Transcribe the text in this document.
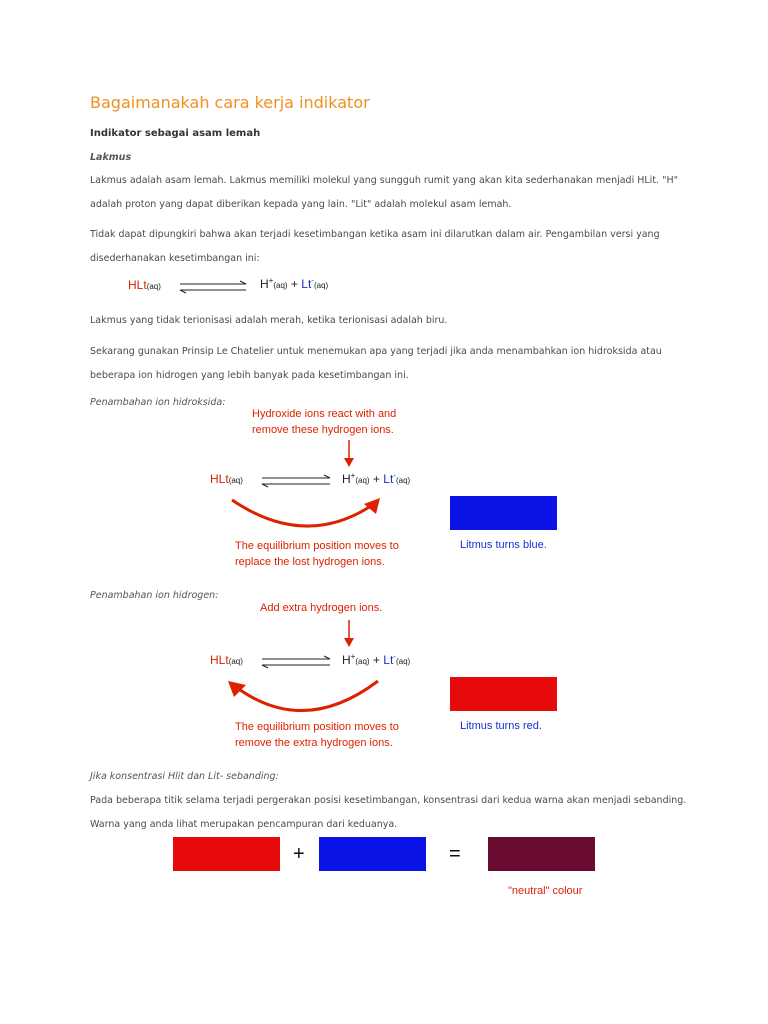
Bagaimanakah cara kerja indikator
Indikator sebagai asam lemah
Lakmus
Lakmus adalah asam lemah. Lakmus memiliki molekul yang sungguh rumit yang akan kita sederhanakan menjadi HLit. "H" adalah proton yang dapat diberikan kepada yang lain. "Lit" adalah molekul asam lemah.
Tidak dapat dipungkiri bahwa akan terjadi kesetimbangan ketika asam ini dilarutkan dalam air. Pengambilan versi yang disederhanakan kesetimbangan ini:
HLt(aq)	H+(aq) + Lt-(aq)
Lakmus yang tidak terionisasi adalah merah, ketika terionisasi adalah biru.
Sekarang gunakan Prinsip Le Chatelier untuk menemukan apa yang terjadi jika anda menambahkan ion hidroksida atau beberapa ion hidrogen yang lebih banyak pada kesetimbangan ini.
Penambahan ion hidroksida:
Hydroxide ions react with and
remove these hydrogen ions.
HLt(aq)	H+(aq) + Lt-(aq)
The equilibrium position moves to
replace the lost hydrogen ions.
Litmus turns blue.
Penambahan ion hidrogen:
Add extra hydrogen ions.
HLt(aq)	H+(aq) + Lt-(aq)
The equilibrium position moves to
remove the extra hydrogen ions.
Litmus turns red.
Jika konsentrasi Hlit dan Lit- sebanding:
Pada beberapa titik selama terjadi pergerakan posisi kesetimbangan, konsentrasi dari kedua warna akan menjadi sebanding. Warna yang anda lihat merupakan pencampuran dari keduanya.
+	=
"neutral" colour
